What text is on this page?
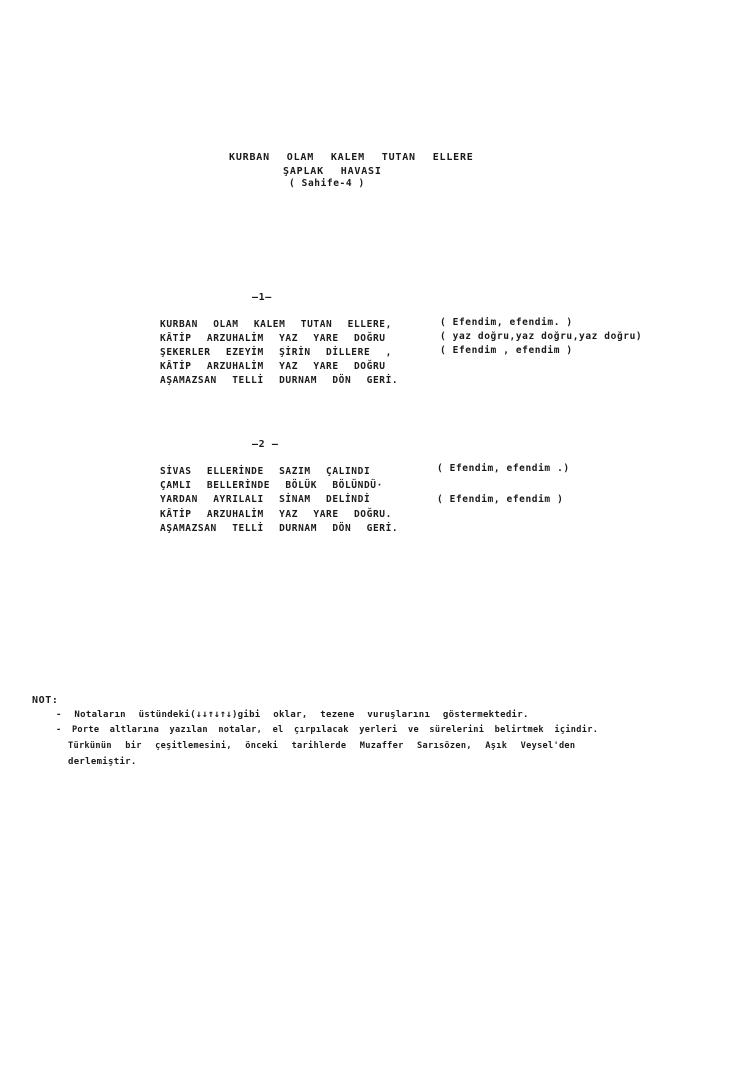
KURBAN OLAM KALEM TUTAN ELLERE
ŞAPLAK HAVASI
( Sahife-4 )
—1—
KURBAN OLAM KALEM TUTAN ELLERE,
KÂTİP ARZUHALİM YAZ YARE DOĞRU
ŞEKERLER EZEYİM ŞİRİN DİLLERE ,
KÂTİP ARZUHALİM YAZ YARE DOĞRU
AŞAMAZSAN TELLİ DURNAM DÖN GERİ.
( Efendim, efendim. )
( yaz doğru,yaz doğru,yaz doğru)
( Efendim , efendim )
—2 —
SİVAS ELLERİNDE SAZIM ÇALINDI
ÇAMLI BELLERİNDE BÖLÜK BÖLÜNDÜ·
YARDAN AYRILALI SİNAM DELİNDİ
KÂTİP ARZUHALİM YAZ YARE DOĞRU.
AŞAMAZSAN TELLİ DURNAM DÖN GERİ.
( Efendim, efendim .)
( Efendim, efendim )
NOT:
- Notaların üstündeki(↓↓↑↓↑↓)gibi oklar, tezene vuruşlarını göstermektedir.
- Porte altlarına yazılan notalar, el çırpılacak yerleri ve sürelerini belirtmek içindir.
Türkünün bir çeşitlemesini, önceki tarihlerde Muzaffer Sarısözen, Aşık Veysel'den
derlemiştir.
